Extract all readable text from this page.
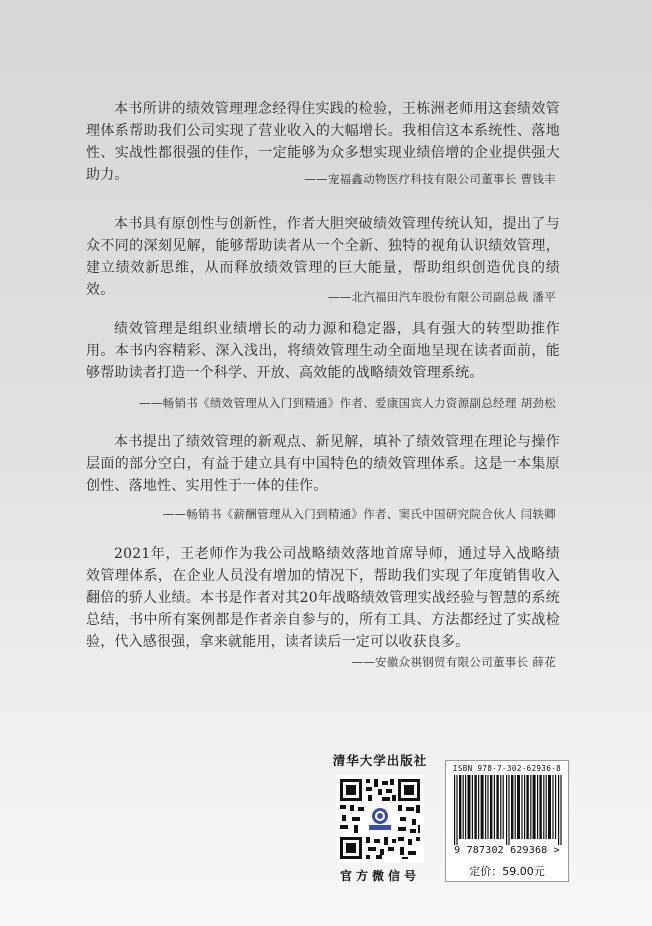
本书所讲的绩效管理理念经得住实践的检验，王栋洲老师用这套绩效管理体系帮助我们公司实现了营业收入的大幅增长。我相信这本系统性、落地性、实战性都很强的佳作，一定能够为众多想实现业绩倍增的企业提供强大助力。	——宠福鑫动物医疗科技有限公司董事长 曹钱丰

本书具有原创性与创新性，作者大胆突破绩效管理传统认知，提出了与众不同的深刻见解，能够帮助读者从一个全新、独特的视角认识绩效管理，建立绩效新思维，从而释放绩效管理的巨大能量，帮助组织创造优良的绩效。	——北汽福田汽车股份有限公司副总裁 潘平

绩效管理是组织业绩增长的动力源和稳定器，具有强大的转型助推作用。本书内容精彩、深入浅出，将绩效管理生动全面地呈现在读者面前，能够帮助读者打造一个科学、开放、高效能的战略绩效管理系统。

——畅销书《绩效管理从入门到精通》作者、爱康国宾人力资源副总经理 胡劲松

本书提出了绩效管理的新观点、新见解，填补了绩效管理在理论与操作层面的部分空白，有益于建立具有中国特色的绩效管理体系。这是一本集原创性、落地性、实用性于一体的佳作。

——畅销书《薪酬管理从入门到精通》作者、窦氏中国研究院合伙人 闫轶卿

2021年，王老师作为我公司战略绩效落地首席导师，通过导入战略绩效管理体系，在企业人员没有增加的情况下，帮助我们实现了年度销售收入翻倍的骄人业绩。本书是作者对其20年战略绩效管理实战经验与智慧的系统总结，书中所有案例都是作者亲自参与的，所有工具、方法都经过了实战检验，代入感很强，拿来就能用，读者读后一定可以收获良多。

——安徽众祺钢贸有限公司董事长 薛花
清华大学出版社
官方微信号
ISBN 978-7-302-62936-8
9 787302 629368 >
定价：59.00元
